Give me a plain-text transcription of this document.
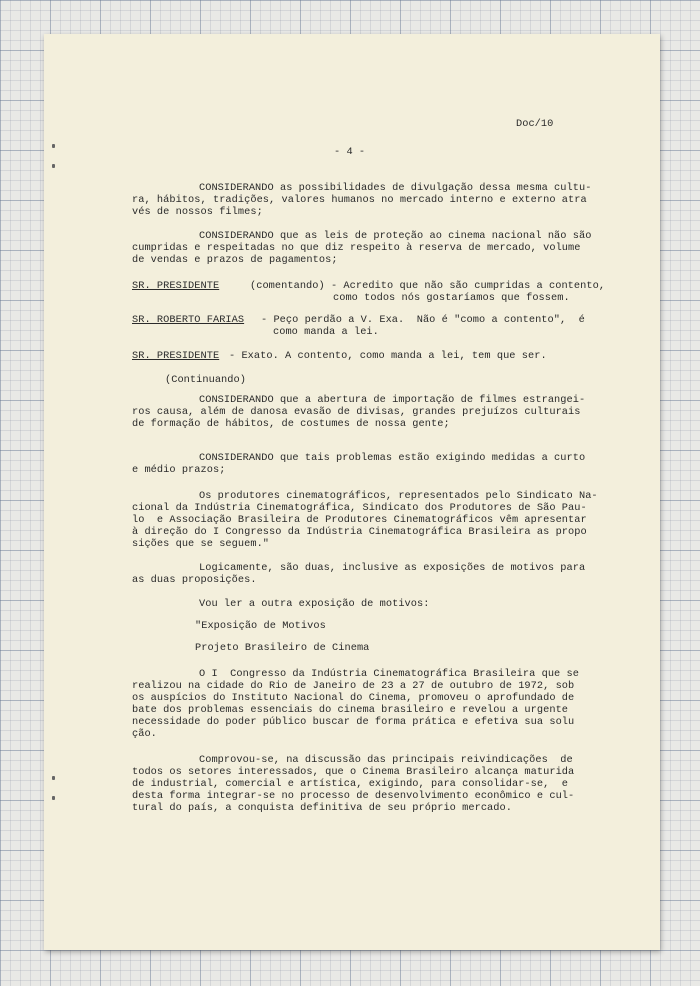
Doc/10
- 4 -
CONSIDERANDO as possibilidades de divulgação dessa mesma cultu-
ra, hábitos, tradições, valores humanos no mercado interno e externo atra
vés de nossos filmes;
CONSIDERANDO que as leis de proteção ao cinema nacional não são
cumpridas e respeitadas no que diz respeito à reserva de mercado, volume
de vendas e prazos de pagamentos;
SR. PRESIDENTE	(comentando) - Acredito que não são cumpridas a contento,
como todos nós gostaríamos que fossem.
SR. ROBERTO FARIAS - Peço perdão a V. Exa.  Não é "como a contento",  é
como manda a lei.
SR. PRESIDENTE - Exato. A contento, como manda a lei, tem que ser.
(Continuando)
CONSIDERANDO que a abertura de importação de filmes estrangei-
ros causa, além de danosa evasão de divisas, grandes prejuízos culturais
de formação de hábitos, de costumes de nossa gente;
CONSIDERANDO que tais problemas estão exigindo medidas a curto
e médio prazos;
Os produtores cinematográficos, representados pelo Sindicato Na-
cional da Indústria Cinematográfica, Sindicato dos Produtores de São Pau-
lo  e Associação Brasileira de Produtores Cinematográficos vêm apresentar
à direção do I Congresso da Indústria Cinematográfica Brasileira as propo
sições que se seguem."
Logicamente, são duas, inclusive as exposições de motivos para
as duas proposições.
Vou ler a outra exposição de motivos:
"Exposição de Motivos
Projeto Brasileiro de Cinema
O I  Congresso da Indústria Cinematográfica Brasileira que se
realizou na cidade do Rio de Janeiro de 23 a 27 de outubro de 1972, sob
os auspícios do Instituto Nacional do Cinema, promoveu o aprofundado de
bate dos problemas essenciais do cinema brasileiro e revelou a urgente
necessidade do poder público buscar de forma prática e efetiva sua solu
ção.
Comprovou-se, na discussão das principais reivindicações  de
todos os setores interessados, que o Cinema Brasileiro alcança maturida
de industrial, comercial e artística, exigindo, para consolidar-se,  e
desta forma integrar-se no processo de desenvolvimento econômico e cul-
tural do país, a conquista definitiva de seu próprio mercado.
